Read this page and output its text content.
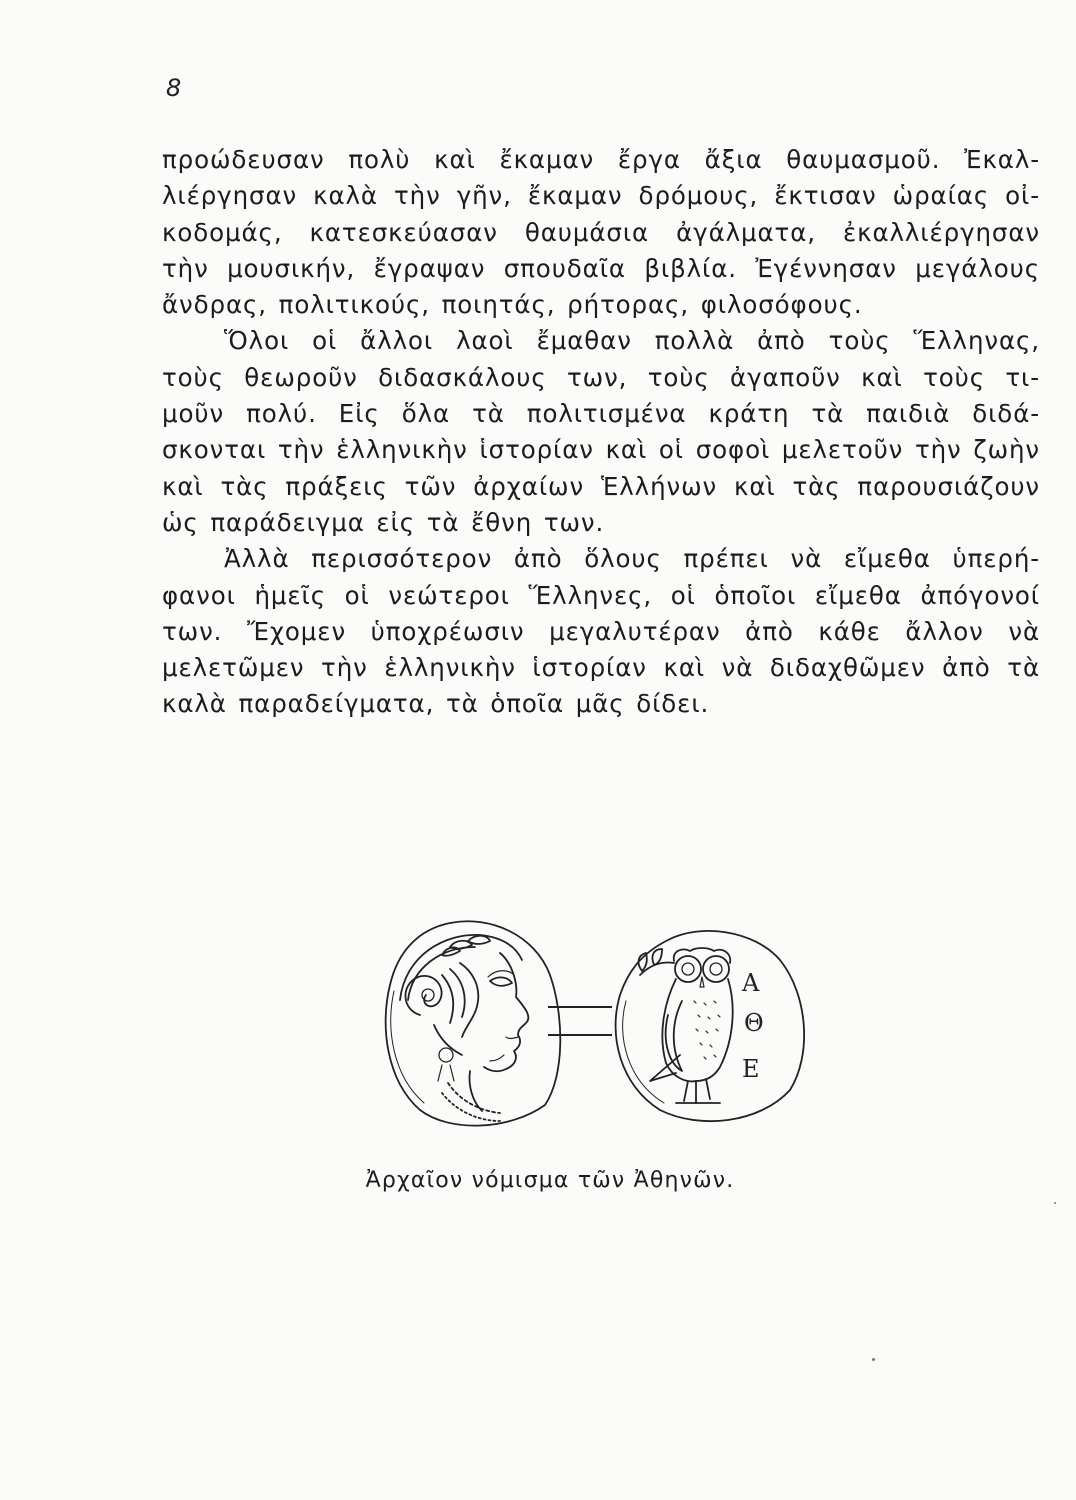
8
προώδευσαν πολὺ καὶ ἔκαμαν ἔργα ἄξια θαυμασμοῦ. Ἐκαλ-
λιέργησαν καλὰ τὴν γῆν, ἔκαμαν δρόμους, ἔκτισαν ὡραίας οἰ-
κοδομάς, κατεσκεύασαν θαυμάσια ἀγάλματα, ἐκαλλιέργησαν
τὴν μουσικήν, ἔγραψαν σπουδαῖα βιβλία. Ἐγέννησαν μεγάλους
ἄνδρας, πολιτικούς, ποιητάς, ρήτορας, φιλοσόφους.
Ὅλοι οἱ ἄλλοι λαοὶ ἔμαθαν πολλὰ ἀπὸ τοὺς Ἕλληνας,
τοὺς θεωροῦν διδασκάλους των, τοὺς ἀγαποῦν καὶ τοὺς τι-
μοῦν πολύ. Εἰς ὅλα τὰ πολιτισμένα κράτη τὰ παιδιὰ διδά-
σκονται τὴν ἑλληνικὴν ἱστορίαν καὶ οἱ σοφοὶ μελετοῦν τὴν ζωὴν
καὶ τὰς πράξεις τῶν ἀρχαίων Ἑλλήνων καὶ τὰς παρουσιάζουν
ὡς παράδειγμα εἰς τὰ ἔθνη των.
Ἀλλὰ περισσότερον ἀπὸ ὅλους πρέπει νὰ εἴμεθα ὑπερή-
φανοι ἡμεῖς οἱ νεώτεροι Ἕλληνες, οἱ ὁποῖοι εἴμεθα ἀπόγονοί
των. Ἔχομεν ὑποχρέωσιν μεγαλυτέραν ἀπὸ κάθε ἄλλον νὰ
μελετῶμεν τὴν ἑλληνικὴν ἱστορίαν καὶ νὰ διδαχθῶμεν ἀπὸ τὰ
καλὰ παραδείγματα, τὰ ὁποῖα μᾶς δίδει.
Α
Θ
Ε
Ἀρχαῖον νόμισμα τῶν Ἀθηνῶν.
